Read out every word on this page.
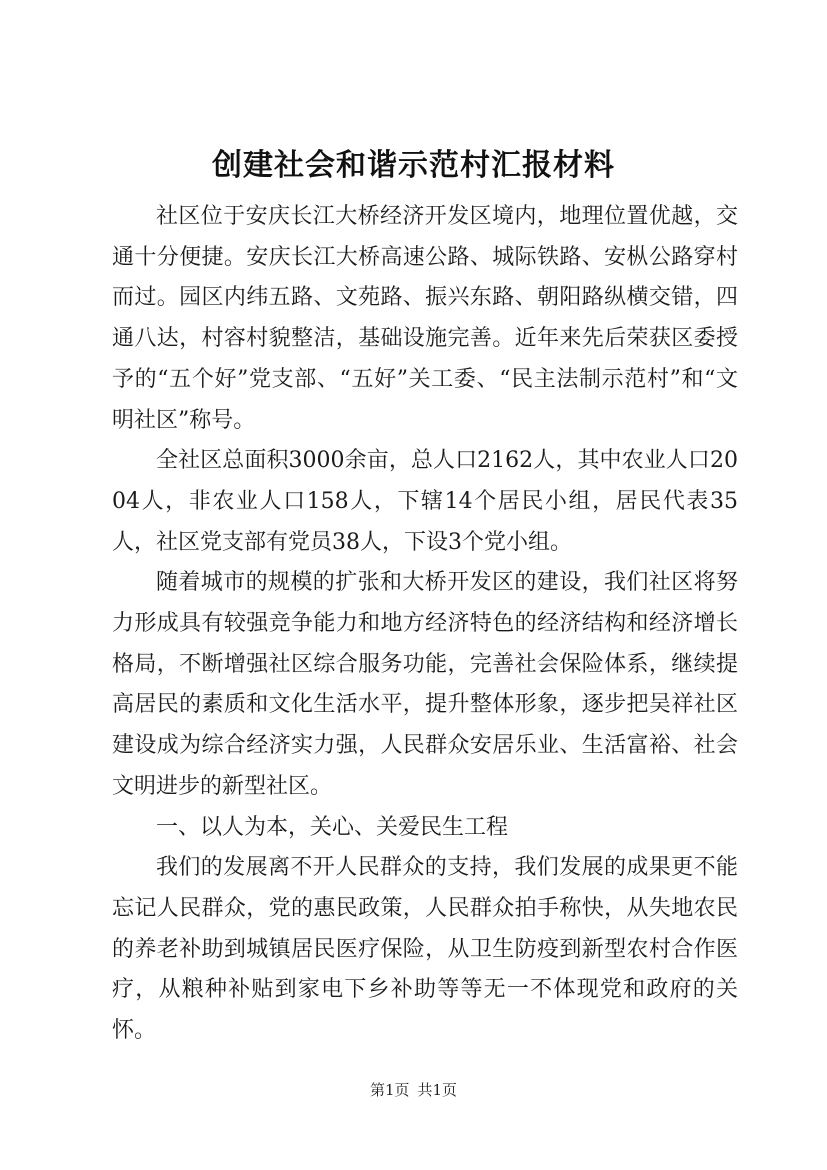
创建社会和谐示范村汇报材料

社区位于安庆长江大桥经济开发区境内，地理位置优越，交通十分便捷。安庆长江大桥高速公路、城际铁路、安枞公路穿村而过。园区内纬五路、文苑路、振兴东路、朝阳路纵横交错，四通八达，村容村貌整洁，基础设施完善。近年来先后荣获区委授予的“五个好”党支部、“五好”关工委、“民主法制示范村”和“文明社区”称号。

全社区总面积3000余亩，总人口2162人，其中农业人口2004人，非农业人口158人，下辖14个居民小组，居民代表35人，社区党支部有党员38人，下设3个党小组。

随着城市的规模的扩张和大桥开发区的建设，我们社区将努力形成具有较强竞争能力和地方经济特色的经济结构和经济增长格局，不断增强社区综合服务功能，完善社会保险体系，继续提高居民的素质和文化生活水平，提升整体形象，逐步把吴祥社区建设成为综合经济实力强，人民群众安居乐业、生活富裕、社会文明进步的新型社区。

一、以人为本，关心、关爱民生工程

我们的发展离不开人民群众的支持，我们发展的成果更不能忘记人民群众，党的惠民政策，人民群众拍手称快，从失地农民的养老补助到城镇居民医疗保险，从卫生防疫到新型农村合作医疗，从粮种补贴到家电下乡补助等等无一不体现党和政府的关怀。

第1页 共1页
